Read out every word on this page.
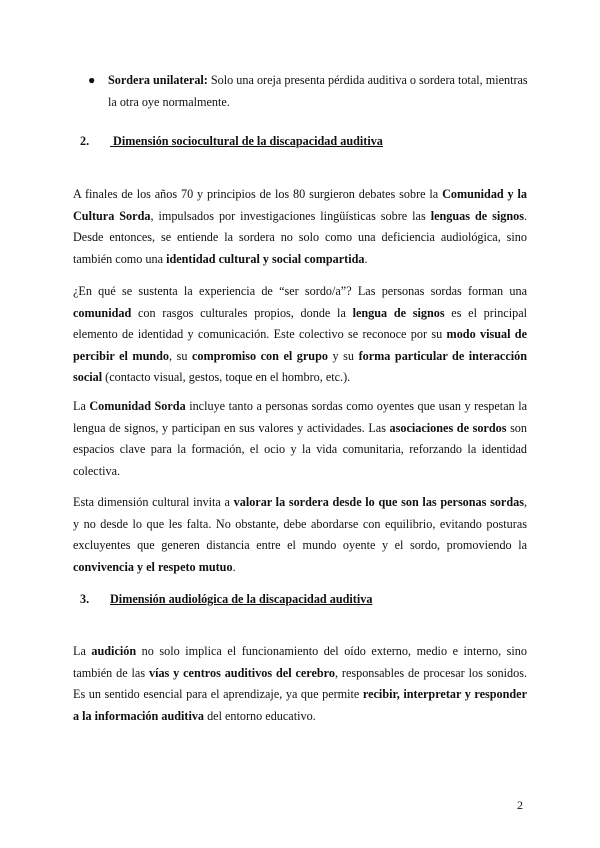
● Sordera unilateral: Solo una oreja presenta pérdida auditiva o sordera total, mientras la otra oye normalmente.
2. Dimensión sociocultural de la discapacidad auditiva

A finales de los años 70 y principios de los 80 surgieron debates sobre la Comunidad y la Cultura Sorda, impulsados por investigaciones lingüísticas sobre las lenguas de signos. Desde entonces, se entiende la sordera no solo como una deficiencia audiológica, sino también como una identidad cultural y social compartida.

¿En qué se sustenta la experiencia de “ser sordo/a”? Las personas sordas forman una comunidad con rasgos culturales propios, donde la lengua de signos es el principal elemento de identidad y comunicación. Este colectivo se reconoce por su modo visual de percibir el mundo, su compromiso con el grupo y su forma particular de interacción social (contacto visual, gestos, toque en el hombro, etc.).

La Comunidad Sorda incluye tanto a personas sordas como oyentes que usan y respetan la lengua de signos, y participan en sus valores y actividades. Las asociaciones de sordos son espacios clave para la formación, el ocio y la vida comunitaria, reforzando la identidad colectiva.

Esta dimensión cultural invita a valorar la sordera desde lo que son las personas sordas, y no desde lo que les falta. No obstante, debe abordarse con equilibrio, evitando posturas excluyentes que generen distancia entre el mundo oyente y el sordo, promoviendo la convivencia y el respeto mutuo.

3. Dimensión audiológica de la discapacidad auditiva

La audición no solo implica el funcionamiento del oído externo, medio e interno, sino también de las vías y centros auditivos del cerebro, responsables de procesar los sonidos. Es un sentido esencial para el aprendizaje, ya que permite recibir, interpretar y responder a la información auditiva del entorno educativo.

2
